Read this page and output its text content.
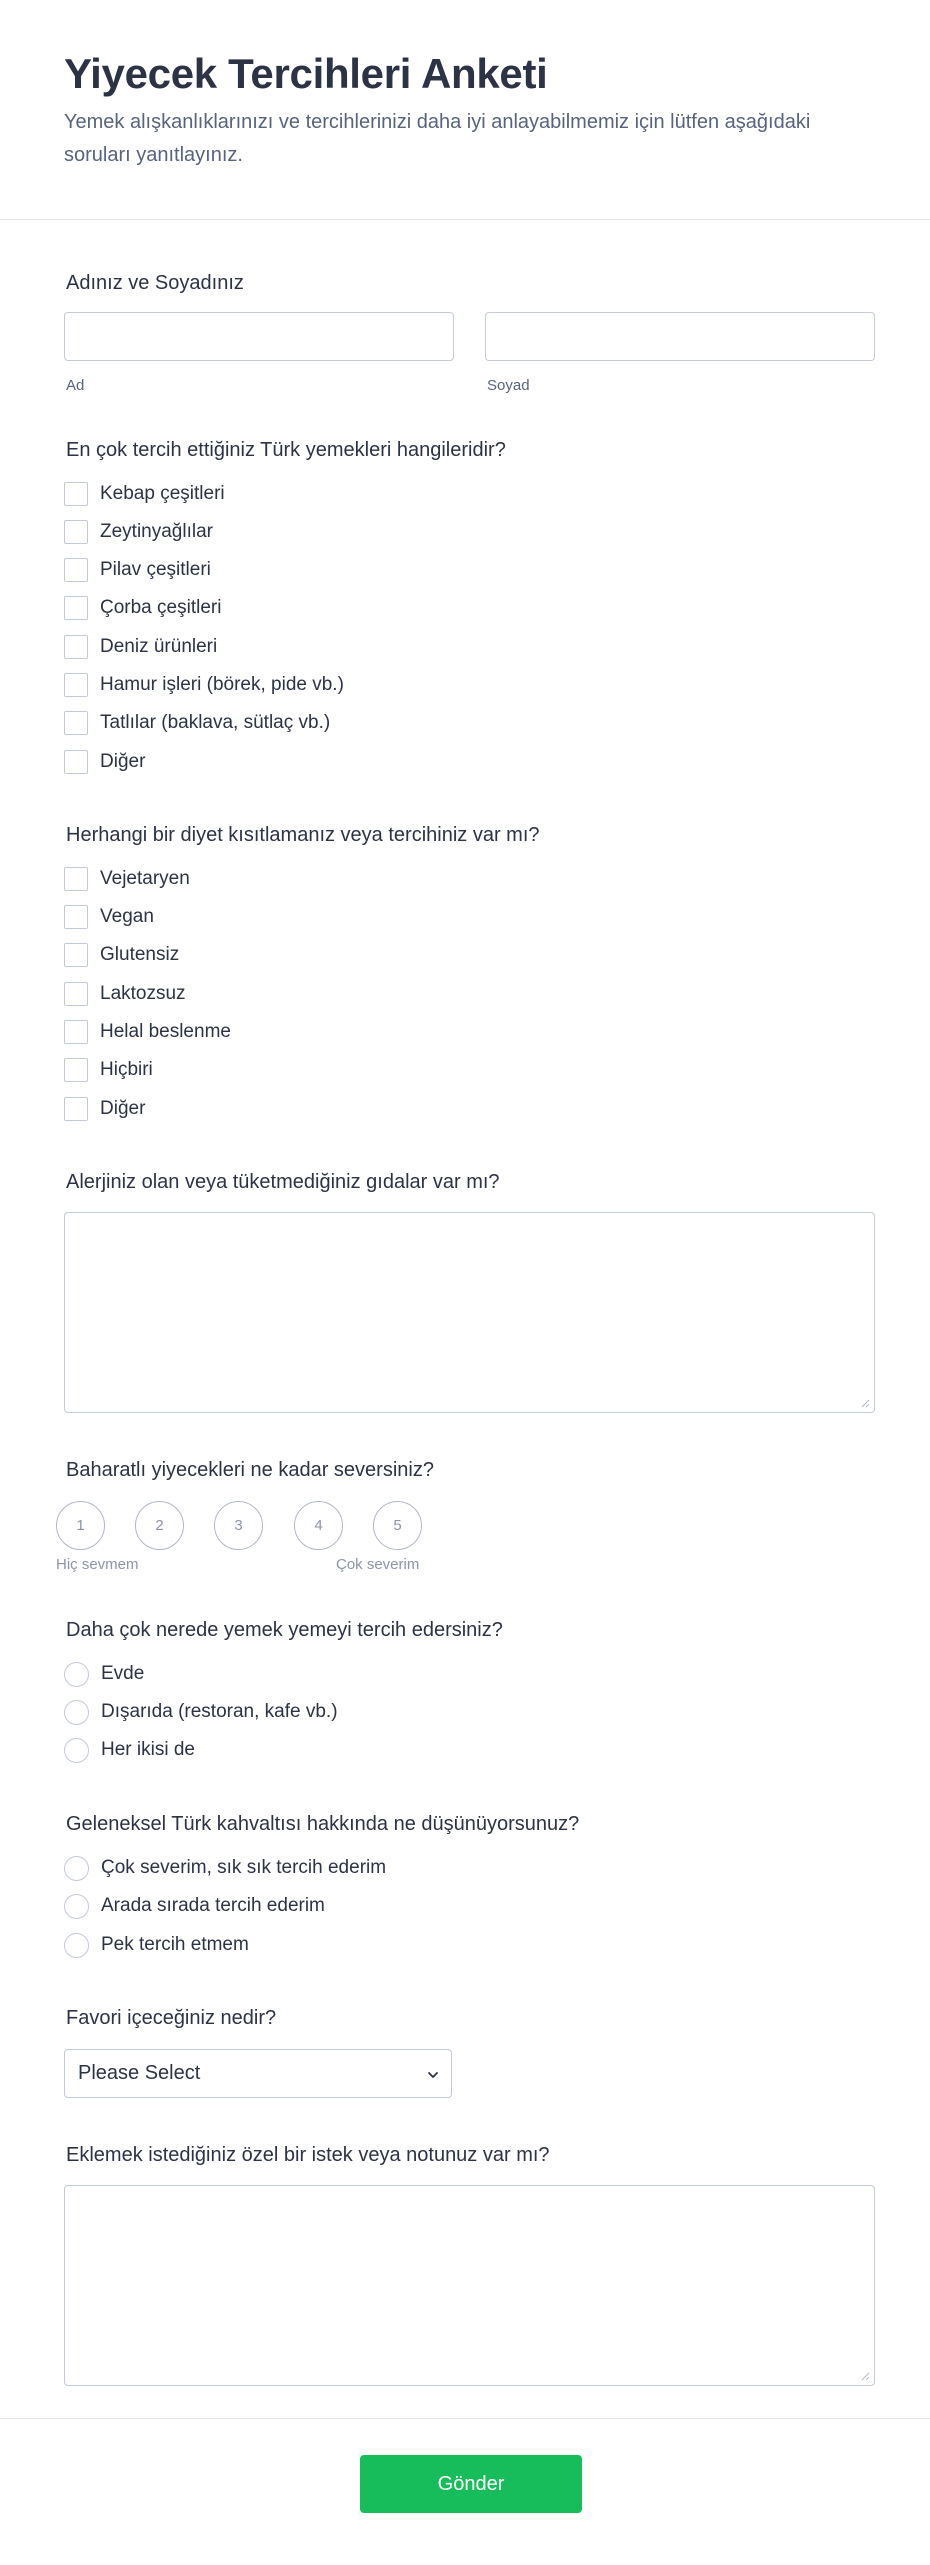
Yiyecek Tercihleri Anketi

Yemek alışkanlıklarınızı ve tercihlerinizi daha iyi anlayabilmemiz için lütfen aşağıdaki soruları yanıtlayınız.

Adınız ve Soyadınız
Ad	Soyad
En çok tercih ettiğiniz Türk yemekleri hangileridir?
Kebap çeşitleri
Zeytinyağlılar
Pilav çeşitleri
Çorba çeşitleri
Deniz ürünleri
Hamur işleri (börek, pide vb.)
Tatlılar (baklava, sütlaç vb.)
Diğer
Herhangi bir diyet kısıtlamanız veya tercihiniz var mı?
Vejetaryen
Vegan
Glutensiz
Laktozsuz
Helal beslenme
Hiçbiri
Diğer
Alerjiniz olan veya tüketmediğiniz gıdalar var mı?
Baharatlı yiyecekleri ne kadar seversiniz?
1	2	3	4	5
Hiç sevmem	Çok severim
Daha çok nerede yemek yemeyi tercih edersiniz?
Evde
Dışarıda (restoran, kafe vb.)
Her ikisi de
Geleneksel Türk kahvaltısı hakkında ne düşünüyorsunuz?
Çok severim, sık sık tercih ederim
Arada sırada tercih ederim
Pek tercih etmem
Favori içeceğiniz nedir?
Please Select
Eklemek istediğiniz özel bir istek veya notunuz var mı?
Gönder
